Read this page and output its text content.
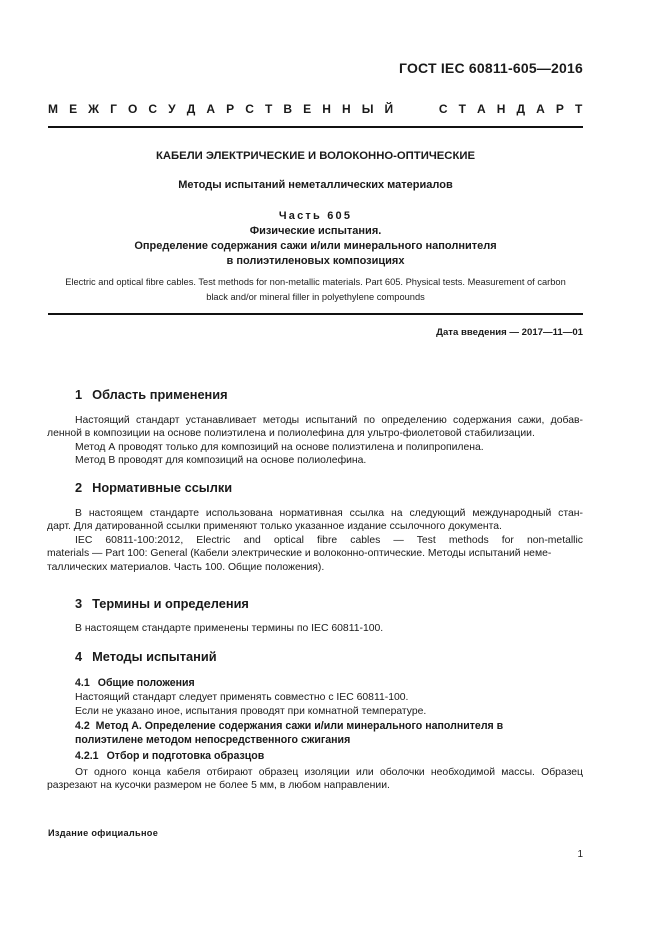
ГОСТ IEC 60811-605—2016
М Е Ж Г О С У Д А Р С Т В Е Н Н Ы Й	С Т А Н Д А Р Т
КАБЕЛИ ЭЛЕКТРИЧЕСКИЕ И ВОЛОКОННО-ОПТИЧЕСКИЕ
Методы испытаний неметаллических материалов
Часть 605
Физические испытания.
Определение содержания сажи и/или минерального наполнителя
в полиэтиленовых композициях
Electric and optical fibre cables. Test methods for non-metallic materials. Part 605. Physical tests. Measurement of carbon
black and/or mineral filler in polyethylene compounds
Дата введения — 2017—11—01
1 Область применения

Настоящий стандарт устанавливает методы испытаний по определению содержания сажи, добав-

ленной в композиции на основе полиэтилена и полиолефина для ультро-фиолетовой стабилизации.

Метод А проводят только для композиций на основе полиэтилена и полипропилена.

Метод В проводят для композиций на основе полиолефина.

2 Нормативные ссылки

В настоящем стандарте использована нормативная ссылка на следующий международный стан-

дарт. Для датированной ссылки применяют только указанное издание ссылочного документа.

IEC 60811-100:2012, Electric and optical fibre cables — Test methods for non-metallic

materials — Part 100: General (Кабели электрические и волоконно-оптические. Методы испытаний неме-

таллических материалов. Часть 100. Общие положения).

3 Термины и определения

В настоящем стандарте применены термины по IEC 60811-100.

4 Методы испытаний
4.1 Общие положения

Настоящий стандарт следует применять совместно с IEC 60811-100.

Если не указано иное, испытания проводят при комнатной температуре.

4.2 Метод А. Определение содержания сажи и/или минерального наполнителя в
полиэтилене методом непосредственного сжигания
4.2.1 Отбор и подготовка образцов

От одного конца кабеля отбирают образец изоляции или оболочки необходимой массы. Образец

разрезают на кусочки размером не более 5 мм, в любом направлении.

Издание официальное
1
